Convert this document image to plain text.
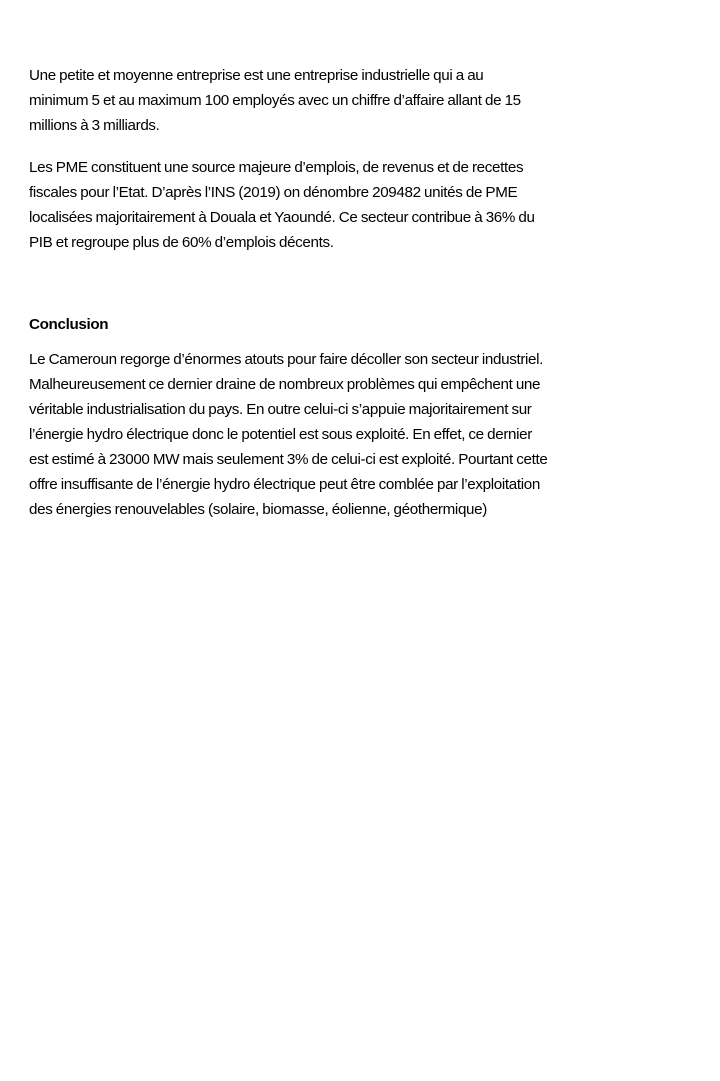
Une petite et moyenne entreprise est une entreprise industrielle qui a au
minimum 5 et au maximum 100 employés avec un chiffre d’affaire allant de 15
millions à 3 milliards.

Les PME constituent une source majeure d’emplois, de revenus et de recettes
fiscales pour l’Etat. D’après l’INS (2019) on dénombre 209482 unités de PME
localisées majoritairement à Douala et Yaoundé. Ce secteur contribue à 36% du
PIB et regroupe plus de 60% d’emplois décents.

Conclusion

Le Cameroun regorge d’énormes atouts pour faire décoller son secteur industriel.
Malheureusement ce dernier draine de nombreux problèmes qui empêchent une
véritable industrialisation du pays. En outre celui-ci s’appuie majoritairement sur
l’énergie hydro électrique donc le potentiel est sous exploité. En effet, ce dernier
est estimé à 23000 MW mais seulement 3% de celui-ci est exploité. Pourtant cette
offre insuffisante de l’énergie hydro électrique peut être comblée par l’exploitation
des énergies renouvelables (solaire, biomasse, éolienne, géothermique)
